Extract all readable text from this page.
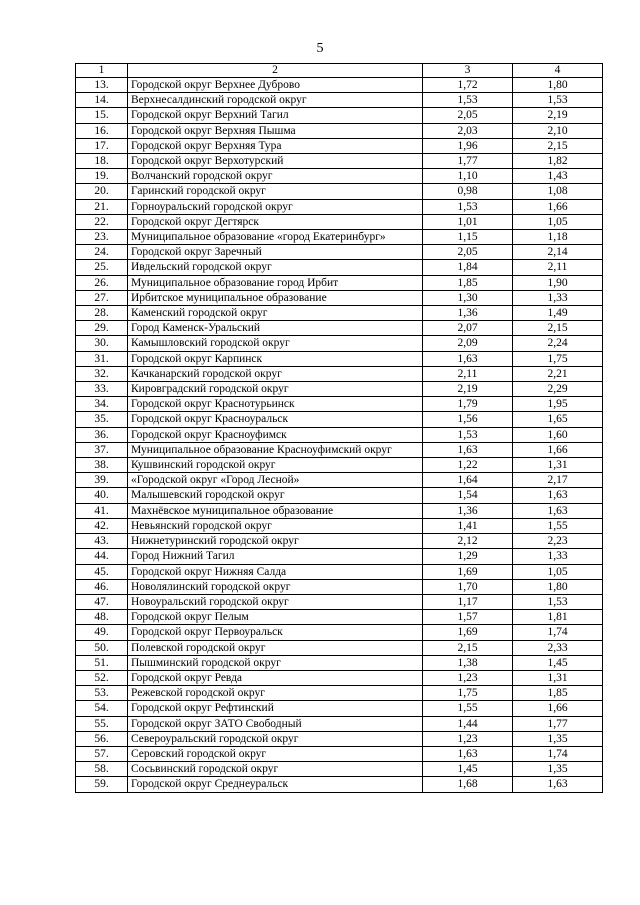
5
1	2	3	4
13.	Городской округ Верхнее Дуброво	1,72	1,80
14.	Верхнесалдинский городской округ	1,53	1,53
15.	Городской округ Верхний Тагил	2,05	2,19
16.	Городской округ Верхняя Пышма	2,03	2,10
17.	Городской округ Верхняя Тура	1,96	2,15
18.	Городской округ Верхотурский	1,77	1,82
19.	Волчанский городской округ	1,10	1,43
20.	Гаринский городской округ	0,98	1,08
21.	Горноуральский городской округ	1,53	1,66
22.	Городской округ Дегтярск	1,01	1,05
23.	Муниципальное образование «город Екатеринбург»	1,15	1,18
24.	Городской округ Заречный	2,05	2,14
25.	Ивдельский городской округ	1,84	2,11
26.	Муниципальное образование город Ирбит	1,85	1,90
27.	Ирбитское муниципальное образование	1,30	1,33
28.	Каменский городской округ	1,36	1,49
29.	Город Каменск-Уральский	2,07	2,15
30.	Камышловский городской округ	2,09	2,24
31.	Городской округ Карпинск	1,63	1,75
32.	Качканарский городской округ	2,11	2,21
33.	Кировградский городской округ	2,19	2,29
34.	Городской округ Краснотурьинск	1,79	1,95
35.	Городской округ Красноуральск	1,56	1,65
36.	Городской округ Красноуфимск	1,53	1,60
37.	Муниципальное образование Красноуфимский округ	1,63	1,66
38.	Кушвинский городской округ	1,22	1,31
39.	«Городской округ «Город Лесной»	1,64	2,17
40.	Малышевский городской округ	1,54	1,63
41.	Махнёвское муниципальное образование	1,36	1,63
42.	Невьянский городской округ	1,41	1,55
43.	Нижнетуринский городской округ	2,12	2,23
44.	Город Нижний Тагил	1,29	1,33
45.	Городской округ Нижняя Салда	1,69	1,05
46.	Новолялинский городской округ	1,70	1,80
47.	Новоуральский городской округ	1,17	1,53
48.	Городской округ Пелым	1,57	1,81
49.	Городской округ Первоуральск	1,69	1,74
50.	Полевской городской округ	2,15	2,33
51.	Пышминский городской округ	1,38	1,45
52.	Городской округ Ревда	1,23	1,31
53.	Режевской городской округ	1,75	1,85
54.	Городской округ Рефтинский	1,55	1,66
55.	Городской округ ЗАТО Свободный	1,44	1,77
56.	Североуральский городской округ	1,23	1,35
57.	Серовский городской округ	1,63	1,74
58.	Сосьвинский городской округ	1,45	1,35
59.	Городской округ Среднеуральск	1,68	1,63
